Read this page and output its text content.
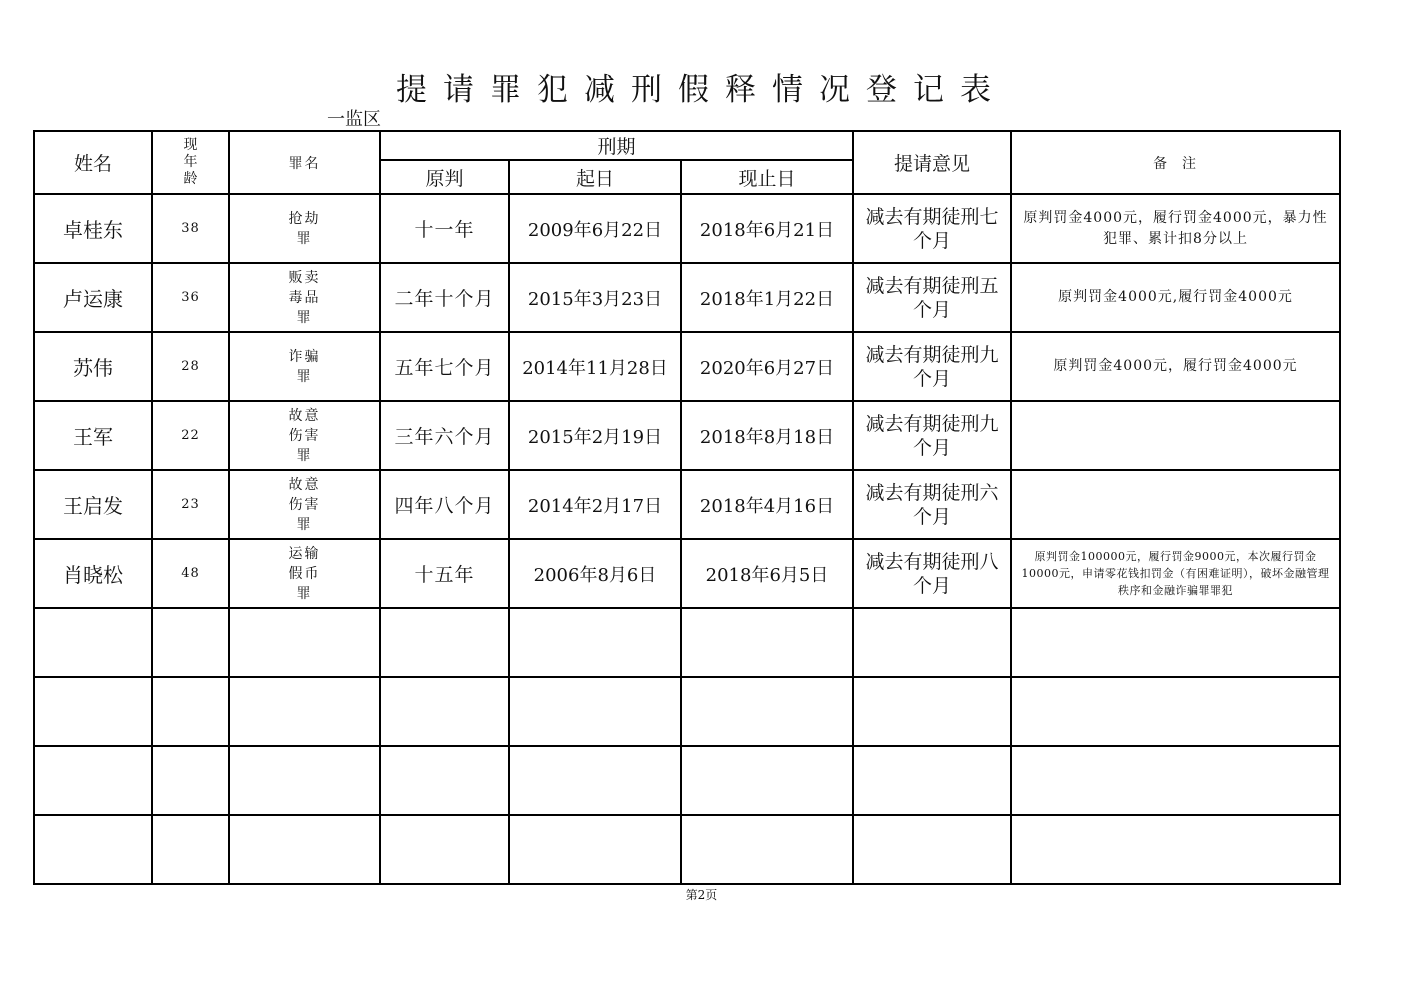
提请罪犯减刑假释情况登记表
一监区
姓名	现年龄	罪名	刑期			提请意见	备  注
			原判	起日	现止日		
卓桂东	38	抢劫罪	十一年	2009年6月22日	2018年6月21日	减去有期徒刑七个月	原判罚金4000元，履行罚金4000元，暴力性犯罪、累计扣8分以上
卢运康	36	贩卖毒品罪	二年十个月	2015年3月23日	2018年1月22日	减去有期徒刑五个月	原判罚金4000元,履行罚金4000元
苏伟	28	诈骗罪	五年七个月	2014年11月28日	2020年6月27日	减去有期徒刑九个月	原判罚金4000元，履行罚金4000元
王军	22	故意伤害罪	三年六个月	2015年2月19日	2018年8月18日	减去有期徒刑九个月	
王启发	23	故意伤害罪	四年八个月	2014年2月17日	2018年4月16日	减去有期徒刑六个月	
肖晓松	48	运输假币罪	十五年	2006年8月6日	2018年6月5日	减去有期徒刑八个月	原判罚金100000元，履行罚金9000元，本次履行罚金10000元，申请零花钱扣罚金（有困难证明），破坏金融管理秩序和金融诈骗罪罪犯

第2页
